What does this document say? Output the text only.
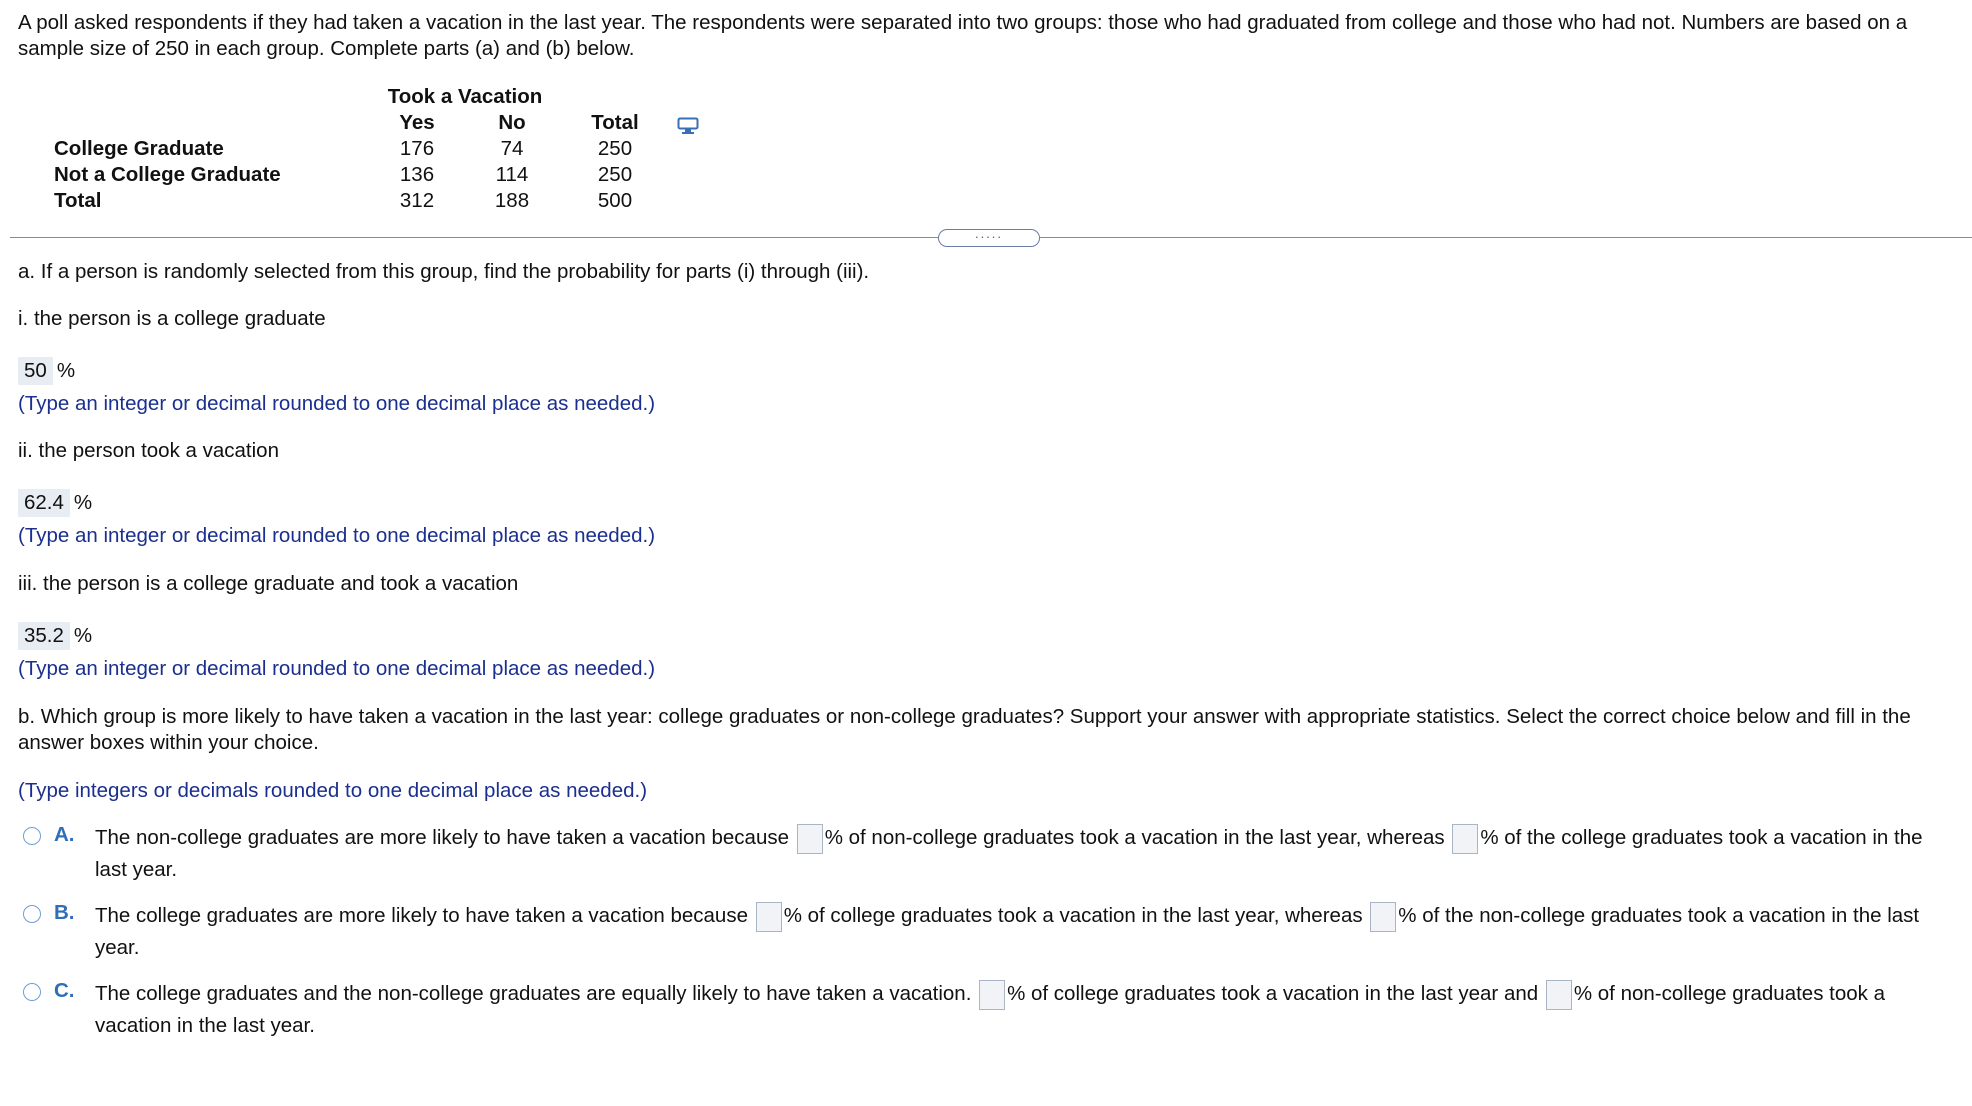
A poll asked respondents if they had taken a vacation in the last year. The respondents were separated into two groups: those who had graduated from college and those who had not. Numbers are based on a sample size of 250 in each group. Complete parts (a) and (b) below.
	Took a Vacation		
	Yes	No	Total
College Graduate	176	74	250
Not a College Graduate	136	114	250
Total	312	188	500
.....
a. If a person is randomly selected from this group, find the probability for parts (i) through (iii).
i. the person is a college graduate
50 %
(Type an integer or decimal rounded to one decimal place as needed.)
ii. the person took a vacation
62.4 %
(Type an integer or decimal rounded to one decimal place as needed.)
iii. the person is a college graduate and took a vacation
35.2 %
(Type an integer or decimal rounded to one decimal place as needed.)
b. Which group is more likely to have taken a vacation in the last year: college graduates or non-college graduates? Support your answer with appropriate statistics. Select the correct choice below and fill in the answer boxes within your choice.
(Type integers or decimals rounded to one decimal place as needed.)
A. The non-college graduates are more likely to have taken a vacation because % of non-college graduates took a vacation in the last year, whereas % of the college graduates took a vacation in the last year.
B. The college graduates are more likely to have taken a vacation because % of college graduates took a vacation in the last year, whereas % of the non-college graduates took a vacation in the last year.
C. The college graduates and the non-college graduates are equally likely to have taken a vacation. % of college graduates took a vacation in the last year and % of non-college graduates took a vacation in the last year.
